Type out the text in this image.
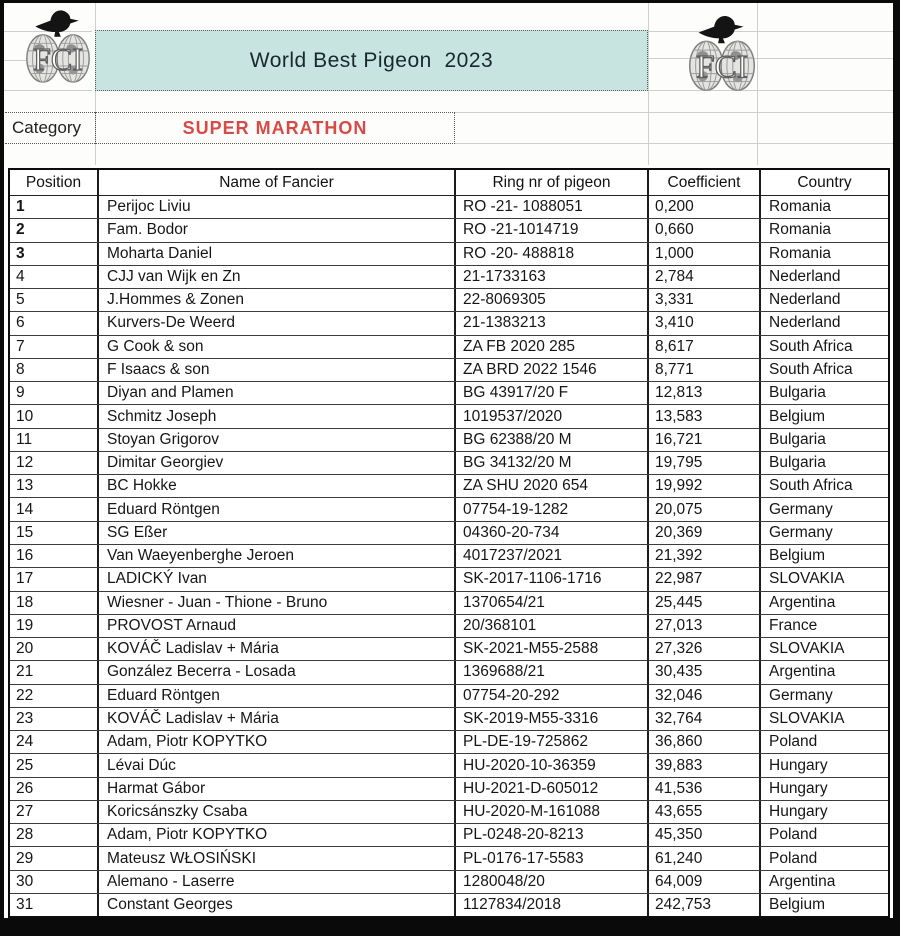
FCI	FCI
World Best Pigeon  2023
Category	SUPER MARATHON
Position	Name of Fancier	Ring nr of pigeon	Coefficient	Country
1	Perijoc Liviu	RO -21- 1088051	0,200	Romania
2	Fam. Bodor	RO -21-1014719	0,660	Romania
3	Moharta Daniel	RO -20- 488818	1,000	Romania
4	CJJ van Wijk en Zn	21-1733163	2,784	Nederland
5	J.Hommes & Zonen	22-8069305	3,331	Nederland
6	Kurvers-De Weerd	21-1383213	3,410	Nederland
7	G Cook & son	ZA FB 2020 285	8,617	South Africa
8	F Isaacs & son	ZA BRD 2022 1546	8,771	South Africa
9	Diyan and Plamen	BG 43917/20 F	12,813	Bulgaria
10	Schmitz Joseph	1019537/2020	13,583	Belgium
11	Stoyan Grigorov	BG 62388/20 M	16,721	Bulgaria
12	Dimitar Georgiev	BG 34132/20 M	19,795	Bulgaria
13	BC Hokke	ZA SHU 2020 654	19,992	South Africa
14	Eduard Röntgen	07754-19-1282	20,075	Germany
15	SG Eßer	04360-20-734	20,369	Germany
16	Van Waeyenberghe Jeroen	4017237/2021	21,392	Belgium
17	LADICKÝ Ivan	SK-2017-1106-1716	22,987	SLOVAKIA
18	Wiesner - Juan - Thione - Bruno	1370654/21	25,445	Argentina
19	PROVOST Arnaud	20/368101	27,013	France
20	KOVÁČ Ladislav + Mária	SK-2021-M55-2588	27,326	SLOVAKIA
21	González Becerra - Losada	1369688/21	30,435	Argentina
22	Eduard Röntgen	07754-20-292	32,046	Germany
23	KOVÁČ Ladislav + Mária	SK-2019-M55-3316	32,764	SLOVAKIA
24	Adam, Piotr KOPYTKO	PL-DE-19-725862	36,860	Poland
25	Lévai Dúc	HU-2020-10-36359	39,883	Hungary
26	Harmat Gábor	HU-2021-D-605012	41,536	Hungary
27	Koricsánszky Csaba	HU-2020-M-161088	43,655	Hungary
28	Adam, Piotr KOPYTKO	PL-0248-20-8213	45,350	Poland
29	Mateusz WŁOSIŃSKI	PL-0176-17-5583	61,240	Poland
30	Alemano - Laserre	1280048/20	64,009	Argentina
31	Constant Georges	1127834/2018	242,753	Belgium
